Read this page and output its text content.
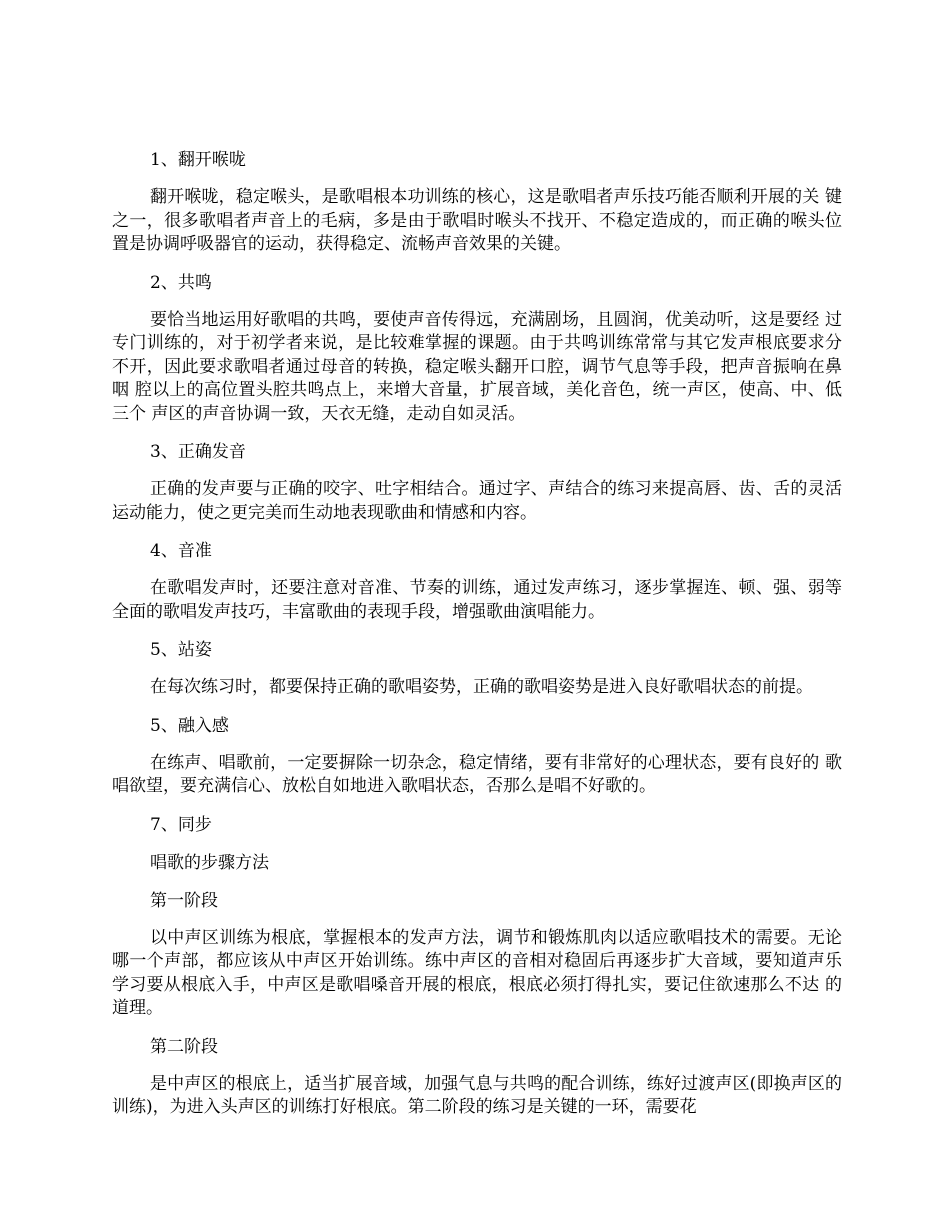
1、翻开喉咙

翻开喉咙，稳定喉头，是歌唱根本功训练的核心，这是歌唱者声乐技巧能否顺利开展的关 键之一，很多歌唱者声音上的毛病，多是由于歌唱时喉头不找开、不稳定造成的，而正确的喉头位 置是协调呼吸器官的运动，获得稳定、流畅声音效果的关键。

2、共鸣

要恰当地运用好歌唱的共鸣，要使声音传得远，充满剧场，且圆润，优美动听，这是要经 过专门训练的，对于初学者来说，是比较难掌握的课题。由于共鸣训练常常与其它发声根底要求分 不开，因此要求歌唱者通过母音的转换，稳定喉头翻开口腔，调节气息等手段，把声音振响在鼻咽 腔以上的高位置头腔共鸣点上，来增大音量，扩展音域，美化音色，统一声区，使高、中、低三个 声区的声音协调一致，天衣无缝，走动自如灵活。

3、正确发音

正确的发声要与正确的咬字、吐字相结合。通过字、声结合的练习来提高唇、齿、舌的灵活 运动能力，使之更完美而生动地表现歌曲和情感和内容。

4、音准

在歌唱发声时，还要注意对音准、节奏的训练，通过发声练习，逐步掌握连、顿、强、弱等 全面的歌唱发声技巧，丰富歌曲的表现手段，增强歌曲演唱能力。

5、站姿

在每次练习时，都要保持正确的歌唱姿势，正确的歌唱姿势是进入良好歌唱状态的前提。

5、融入感

在练声、唱歌前，一定要摒除一切杂念，稳定情绪，要有非常好的心理状态，要有良好的 歌唱欲望，要充满信心、放松自如地进入歌唱状态，否那么是唱不好歌的。

7、同步

唱歌的步骤方法

第一阶段

以中声区训练为根底，掌握根本的发声方法，调节和锻炼肌肉以适应歌唱技术的需要。无论 哪一个声部，都应该从中声区开始训练。练中声区的音相对稳固后再逐步扩大音域，要知道声乐 学习要从根底入手，中声区是歌唱嗓音开展的根底，根底必须打得扎实，要记住欲速那么不达 的道理。

第二阶段

是中声区的根底上，适当扩展音域，加强气息与共鸣的配合训练，练好过渡声区(即换声区的 训练)，为进入头声区的训练打好根底。第二阶段的练习是关键的一环，需要花
